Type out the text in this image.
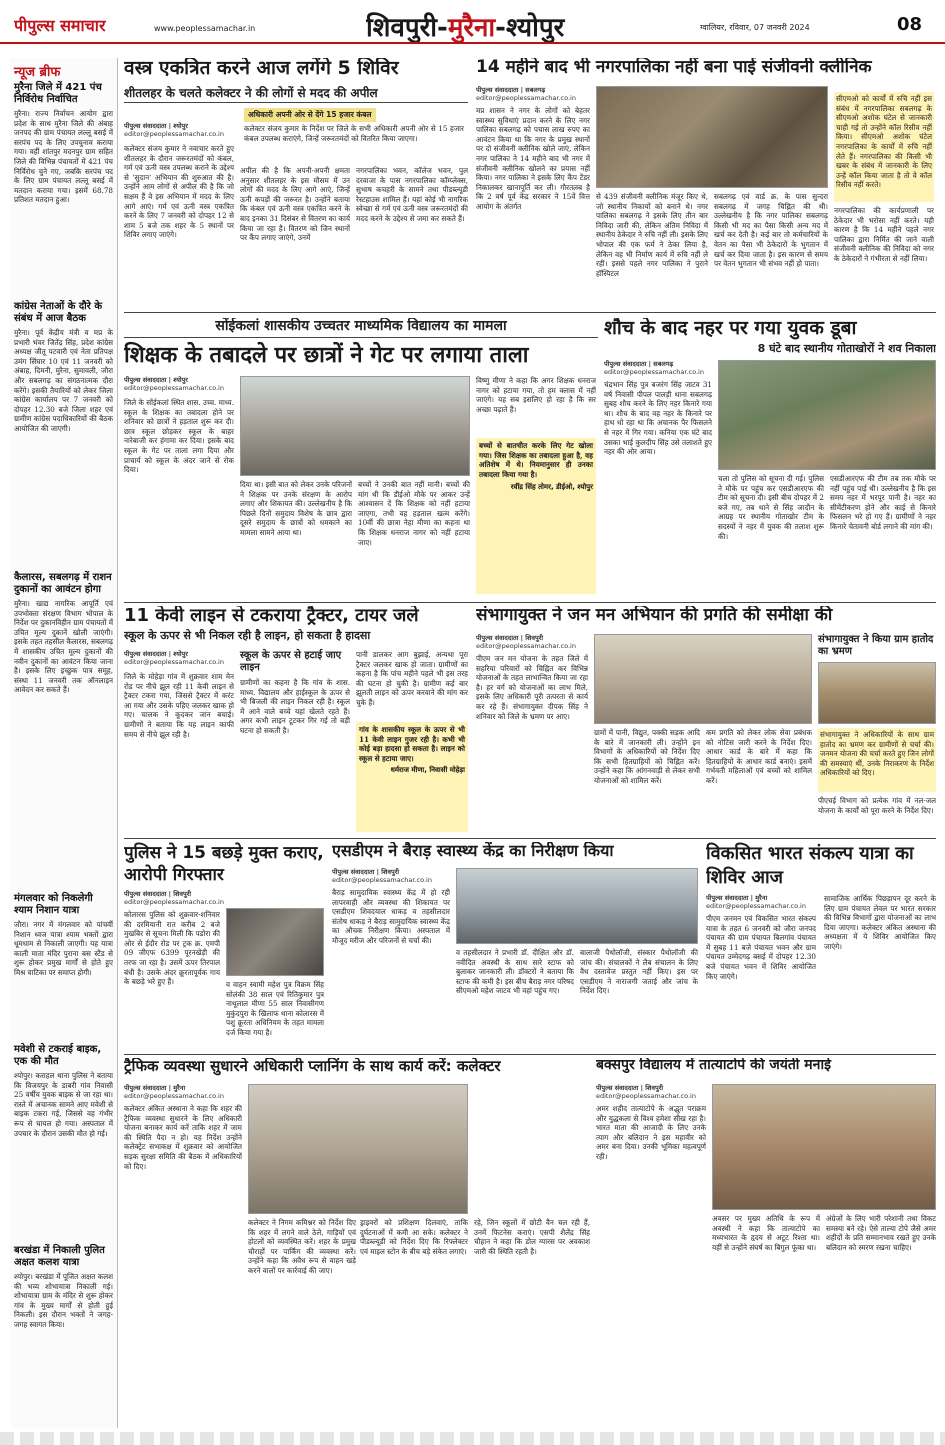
पीपुल्स समाचार	www.peoplessamachar.in	शिवपुरी-मुरैना-श्योपुर	ग्वालियर, रविवार, 07 जनवरी 2024	08
न्यूज ब्रीफ
मुरैना जिले में 421 पंच निर्विरोध निर्वाचित
मुरैना। राज्य निर्वाचन आयोग द्वारा प्रदेश के साथ मुरैना जिले की अंबाह जनपद की ग्राम पंचायत लल्लू बसई में सरपंच पद के लिए उपचुनाव कराया गया। वहीं शांतपुर मदनपुर ग्राम सहित जिले की विभिन्न पंचायतों में 421 पंच निर्विरोध चुने गए, जबकि सरपंच पद के लिए ग्राम पंचायत लल्लू बसई में मतदान कराया गया। इसमें 68.78 प्रतिशत मतदान हुआ।
कांग्रेस नेताओं के दौरे के संबंध में आज बैठक
मुरैना। पूर्व केंद्रीय मंत्री व मप्र के प्रभारी भंवर जितेंद्र सिंह, प्रदेश कांग्रेस अध्यक्ष जीतू पटवारी एवं नेता प्रतिपक्ष उमंग सिंघार 10 एवं 11 जनवरी को अंबाह, दिमनी, मुरैना, सुमावली, जौरा और सबलगढ़ का संगठनात्मक दौरा करेंगे। इसकी तैयारियों को लेकर जिला कांग्रेस कार्यालय पर 7 जनवरी को दोपहर 12.30 बजे जिला शहर एवं ग्रामीण कांग्रेस पदाधिकारियों की बैठक आयोजित की जाएगी।
कैलारस, सबलगढ़ में राशन दुकानों का आवंटन होगा
मुरैना। खाद्य नागरिक आपूर्ति एवं उपभोक्ता संरक्षण विभाग भोपाल के निर्देश पर दुकानविहीन ग्राम पंचायतों में उचित मूल्य दुकानें खोली जाएंगी। इसके तहत तहसील कैलारस, सबलगढ़ में शासकीय उचित मूल्य दुकानों की नवीन दुकानों का आवंटन किया जाना है। इसके लिए इच्छुक पात्र समूह, संस्था 11 जनवरी तक ऑनलाइन आवेदन कर सकते हैं।
मंगलवार को निकलेगी श्याम निशान यात्रा
जौरा। नगर में मंगलवार को पांचवीं निशान ध्वज यात्रा श्याम भक्तों द्वारा धूमधाम से निकाली जाएगी। यह यात्रा काली माता मंदिर पुराना बस स्टैंड से शुरू होकर प्रमुख मार्गों से होते हुए मिश्र वाटिका पर समाप्त होगी।
मवेशी से टकराई बाइक, एक की मौत
श्योपुर। कराहल थाना पुलिस ने बताया कि विजयपुर के डाबरी गांव निवासी 25 वर्षीय युवक बाइक से जा रहा था। रास्ते में अचानक सामने आए मवेशी से बाइक टकरा गई, जिससे वह गंभीर रूप से घायल हो गया। अस्पताल में उपचार के दौरान उसकी मौत हो गई।
बरखंडा में निकाली पुलित अक्षत कलश यात्रा
श्योपुर। बरखंडा में पूजित अक्षत कलश की भव्य शोभायात्रा निकाली गई। शोभायात्रा ग्राम के मंदिर से शुरू होकर गांव के मुख्य मार्गों से होती हुई निकली। इस दौरान भक्तों ने जगह-जगह स्वागत किया।
वस्त्र एकत्रित करने आज लगेंगे 5 शिविर
शीतलहर के चलते कलेक्टर ने की लोगों से मदद की अपील
अधिकारी अपनी ओर से देंगे 15 हजार कंबल
पीपुल्स संवाददाता | श्योपुर
editor@peoplessamachar.co.in
कलेक्टर संजय कुमार के निर्देश पर जिले के सभी अधिकारी अपनी ओर से 15 हजार कंबल उपलब्ध कराएंगे, जिन्हें जरूरतमंदों को वितरित किया जाएगा।
कलेक्टर संजय कुमार ने नवाचार करते हुए शीतलहर के दौरान जरूरतमंदों को कंबल, गर्म एवं ऊनी वस्त्र उपलब्ध कराने के उद्देश्य से 'सुदान' अभियान की शुरुआत की है। उन्होंने आम लोगों से अपील की है कि जो सक्षम हैं वे इस अभियान में मदद के लिए आगे आएं। गर्म एवं ऊनी वस्त्र एकत्रित करने के लिए 7 जनवरी को दोपहर 12 से शाम 5 बजे तक शहर के 5 स्थानों पर शिविर लगाए जाएंगे।
अपील की है कि अपनी-अपनी क्षमता अनुसार शीतलहर के इस मौसम में उन लोगों की मदद के लिए आगे आएं, जिन्हें ऊनी कपड़ों की जरूरत है। उन्होंने बताया कि कंबल एवं ऊनी वस्त्र एकत्रित करने के बाद इनका 31 दिसंबर से वितरण का कार्य किया जा रहा है। वितरण को जिन स्थानों पर कैंप लगाए जाएंगे, उनमें
नगरपालिका भवन, कॉलेज भवन, पुल दरवाजा के पास नगरपालिका कॉम्प्लेक्स, सुभाष कचहरी के सामने तथा पीडब्ल्यूडी रेस्टहाउस शामिल हैं। यहां कोई भी नागरिक स्वेच्छा से गर्म एवं ऊनी वस्त्र जरूरतमंदों की मदद करने के उद्देश्य से जमा कर सकते हैं।
14 महीने बाद भी नगरपालिका नहीं बना पाई संजीवनी क्लीनिक
पीपुल्स संवाददाता | सबलगढ़
editor@peoplessamachar.co.in
मप्र शासन ने नगर के लोगों को बेहतर स्वास्थ्य सुविधाएं प्रदान करने के लिए नगर पालिका सबलगढ़ को पचास लाख रुपए का आवंटन किया था कि नगर के प्रमुख स्थानों पर दो संजीवनी क्लीनिक खोले जाएं, लेकिन नगर पालिका ने 14 महीने बाद भी नगर में संजीवनी क्लीनिक खोलने का प्रयास नहीं किया। नगर पालिका ने इसके लिए कैंप टेंडर निकालकर खानापूर्ति कर ली। गौरतलब है कि 2 वर्ष पूर्व केंद्र सरकार ने 15वें वित्त आयोग के अंतर्गत
से 439 संजीवनी क्लीनिक मंजूर किए थे, जो स्थानीय निकायों को बनाने थे। नगर पालिका सबलगढ़ ने इसके लिए तीन बार निविदा जारी की, लेकिन अंतिम निविदा में स्थानीय ठेकेदार ने रुचि नहीं ली। इसके लिए भोपाल की एक फर्म ने ठेका लिया है, लेकिन वह भी निर्माण कार्य में रुचि नहीं ले रही। इससे पहले नगर पालिका ने पुराने हॉस्पिटल
सबलगढ़ एवं वार्ड क्र. के पास सुन्दरा सबलगढ़ में जगह चिह्नित की थी। उल्लेखनीय है कि नगर पालिका सबलगढ़ किसी भी मद का पैसा किसी अन्य मद में खर्च कर देती है। कई बार तो कर्मचारियों के वेतन का पैसा भी ठेकेदारों के भुगतान में खर्च कर दिया जाता है। इस कारण से समय पर वेतन भुगतान भी संभव नहीं हो पाता।
सीएमओ को कार्यों में रुचि नहीं इस संबंध में नगरपालिका सबलगढ़ के सीएमओ अशोक घंटेल से जानकारी चाही गई तो उन्होंने कॉल रिसीव नहीं किया। सीएमओ अशोक घंटेल नगरपालिका के कार्यों में रुचि नहीं लेते हैं। नगरपालिका की किसी भी खबर के संबंध में जानकारी के लिए उन्हें कॉल किया जाता है तो वे कॉल रिसीव नहीं करते।
नगरपालिका की कार्यप्रणाली पर ठेकेदार भी भरोसा नहीं करते। यही कारण है कि 14 महीने पहले नगर पालिका द्वारा निर्मित की जाने वाली संजीवनी क्लीनिक की निविदा को नगर के ठेकेदारों ने गंभीरता से नहीं लिया।
सोंईकलां शासकीय उच्चतर माध्यमिक विद्यालय का मामला
शिक्षक के तबादले पर छात्रों ने गेट पर लगाया ताला
पीपुल्स संवाददाता | श्योपुर
editor@peoplessamachar.co.in
जिले के सोंईकलां स्थित शास. उच्च. माध्य. स्कूल के शिक्षक का तबादला होने पर शनिवार को छात्रों ने हड़ताल शुरू कर दी। छात्र स्कूल छोड़कर स्कूल के बाहर नारेबाजी कर हंगामा कर दिया। इसके बाद स्कूल के गेट पर ताला लगा दिया और प्राचार्य को स्कूल के अंदर जाने से रोक दिया।
दिया था। इसी बात को लेकर उनके परिजनों ने शिक्षक पर उनके संरक्षण के आरोप लगाए और शिकायत की। उल्लेखनीय है कि पिछले दिनों समुदाय विशेष के छात्र द्वारा दूसरे समुदाय के छात्रों को धमकाने का मामला सामने आया था।
बच्चों ने उनकी बात नहीं मानी। बच्चों की मांग थी कि डीईओ मौके पर आकर उन्हें आश्वासन दें कि शिक्षक को नहीं हटाया जाएगा, तभी वह हड़ताल खत्म करेंगे। 10वीं की छात्रा नेहा मीणा का कहना था कि शिक्षक धनराज नागर को नहीं हटाया जाए।
विष्णु मीणा ने कहा कि अगर शिक्षक धनराज नागर को हटाया गया, तो हम क्लास में नहीं जाएंगे। यह सब इसलिए हो रहा है कि सर अच्छा पढ़ाते हैं।
बच्चों से बातचीत करके लिए गेट खोला गया। जिस शिक्षक का तबादला हुआ है, वह अतिशेष में थे। नियमानुसार ही उनका तबादला किया गया है।
रवींद्र सिंह तोमर, डीईओ, श्योपुर
शौच के बाद नहर पर गया युवक डूबा
8 घंटे बाद स्थानीय गोताखोरों ने शव निकाला
पीपुल्स संवाददाता | सबलगढ़
editor@peoplessamachar.co.in
चंद्रभान सिंह पुत्र बजरंग सिंह जाटव 31 वर्ष निवासी पीपल पालड़ी थाना सबलगढ़ सुबह शौच करने के लिए नहर किनारे गया था। शौच के बाद वह नहर के किनारे पर हाथ धो रहा था कि अचानक पैर फिसलने से नहर में गिर गया। कनिया एक घंटे बाद उसका भाई कुलदीप सिंह उसे तलाशते हुए नहर की ओर आया।
चला तो पुलिस को सूचना दी गई। पुलिस ने मौके पर पहुंच कर एसडीआरएफ की टीम को सूचना दी। इसी बीच दोपहर में 2 बजे गए, तब थाने से सिंह जादौन के आग्रह पर स्थानीय गोताखोर टीम के सदस्यों ने नहर में युवक की तलाश शुरू की।
एसडीआरएफ की टीम तब तक मौके पर नहीं पहुंच पाई थी। उल्लेखनीय है कि इस समय नहर में भरपूर पानी है। नहर का सीमेंटीकरण होने और काई से किनारे फिसलन भरे हो गए हैं। ग्रामीणों ने नहर किनारे चेतावनी बोर्ड लगाने की मांग की।
11 केवी लाइन से टकराया ट्रैक्टर, टायर जले
स्कूल के ऊपर से भी निकल रही है लाइन, हो सकता है हादसा
पीपुल्स संवाददाता | श्योपुर
editor@peoplessamachar.co.in
स्कूल के ऊपर से हटाई जाए लाइन
जिले के मोहेड़ा गांव में शुक्रवार शाम मेन रोड पर नीचे झूल रही 11 केवी लाइन से ट्रैक्टर टकरा गया, जिससे ट्रैक्टर में करंट आ गया और उसके पहिए जलकर खाक हो गए। चालक ने कूदकर जान बचाई। ग्रामीणों ने बताया कि यह लाइन काफी समय से नीचे झूल रही है।
ग्रामीणों का कहना है कि गांव के शास. माध्य. विद्यालय और हाईस्कूल के ऊपर से भी बिजली की लाइन निकल रही है। स्कूल में आने वाले बच्चे यहां खेलते रहते हैं। अगर कभी लाइन टूटकर गिर गई तो बड़ी घटना हो सकती है।
पानी डालकर आग बुझाई, अन्यथा पूरा ट्रैक्टर जलकर खाक हो जाता। ग्रामीणों का कहना है कि पांच महीने पहले भी इस तरह की घटना हो चुकी है। ग्रामीण कई बार झूलती लाइन को ऊपर करवाने की मांग कर चुके हैं।
गांव के शासकीय स्कूल के ऊपर से भी 11 केवी लाइन गुजर रही है। कभी भी कोई बड़ा हादसा हो सकता है। लाइन को स्कूल से हटाया जाए।
धर्मराज मीणा, निवासी मोहेड़ा
संभागायुक्त ने जन मन अभियान की प्रगति की समीक्षा की
पीपुल्स संवाददाता | शिवपुरी
editor@peoplessamachar.co.in
पीएम जन मन योजना के तहत जिले में सहरिया परिवारों को चिह्नित कर विभिन्न योजनाओं के तहत लाभान्वित किया जा रहा है। हर वर्ग को योजनाओं का लाभ मिले, इसके लिए अधिकारी पूरी तत्परता से कार्य कर रहे हैं। संभागायुक्त दीपक सिंह ने शनिवार को जिले के भ्रमण पर आए।
ग्रामों में पानी, विद्युत, पक्की सड़क आदि के बारे में जानकारी ली। उन्होंने इन विभागों के अधिकारियों को निर्देश दिए कि सभी हितग्राहियों को चिह्नित करें। उन्होंने कहा कि आंगनवाड़ी से लेकर सभी योजनाओं को शामिल करें।
कम प्रगति को लेकर लोक सेवा प्रबंधक को नोटिस जारी करने के निर्देश दिए। आधार कार्ड के बारे में कहा कि हितग्राहियों के आधार कार्ड बनाएं। इसमें गर्भवती महिलाओं एवं बच्चों को शामिल करें।
संभागायुक्त ने किया ग्राम हातोद का भ्रमण
संभागायुक्त ने अधिकारियों के साथ ग्राम हातोद का भ्रमण कर ग्रामीणों से चर्चा की। जनमन योजना की चर्चा करते हुए जिन लोगों की समस्याएं थीं, उनके निराकरण के निर्देश अधिकारियों को दिए।
पीएचई विभाग को प्रत्येक गांव में नल-जल योजना के कार्यों को पूरा करने के निर्देश दिए।
पुलिस ने 15 बछड़े मुक्त कराए, आरोपी गिरफ्तार
पीपुल्स संवाददाता | शिवपुरी
editor@peoplessamachar.co.in
कोलारस पुलिस को शुक्रवार-शनिवार की दरमियानी रात करीब 2 बजे मुखबिर से सूचना मिली कि पडोरा की ओर से ईदौर रोड पर ट्रक क्र. एमपी 09 जीएफ 6399 पूरनखेड़ी की तरफ जा रहा है। उसमें ऊपर तिरपाल बंधी है। उसके अंदर क्रूरतापूर्वक गाय के बछड़े भरे हुए हैं।	व वाहन स्वामी महेश पुत्र विक्रम सिंह सोलंकी 38 साल एवं रितिकुमार पुत्र नाथूलाल मीणा 55 साल निवासीगण मुकुंदपुरा के खिलाफ थाना कोलारस में पशु क्रूरता अधिनियम के तहत मामला दर्ज किया गया है।
एसडीएम ने बैराड़ स्वास्थ्य केंद्र का निरीक्षण किया
पीपुल्स संवाददाता | शिवपुरी
editor@peoplessamachar.co.in
बैराड़ सामुदायिक स्वास्थ्य केंद्र में हो रही लापरवाही और व्यवस्था की शिकायत पर एसडीएम शिवदयाल धाकड़ व तहसीलदार संतोष धाकड़ ने बैराड़ सामुदायिक स्वास्थ्य केंद्र का औचक निरीक्षण किया। अस्पताल में मौजूद मरीज और परिजनों से चर्चा की।
व तहसीलदार ने प्रभारी डॉ. दीक्षित और डॉ. नवीदित अवस्थी के साथ सारे स्टाफ को बुलाकर जानकारी ली। डॉक्टरों ने बताया कि स्टाफ की कमी है। इस बीच बैराड़ नगर परिषद सीएमओ महेश जाटव भी वहां पहुंच गए।
बालाजी पैथोलॉजी, संस्कार पैथोलॉजी की जांच की। संचालकों ने लैब संचालन के लिए वैध दस्तावेज प्रस्तुत नहीं किए। इस पर एसडीएम ने नाराजगी जताई और जांच के निर्देश दिए।
विकसित भारत संकल्प यात्रा का शिविर आज
पीपुल्स संवाददाता | मुरैना
editor@peoplessamachar.co.in
पीएम जनमन एवं विकसित भारत संकल्प यात्रा के तहत 6 जनवरी को जौरा जनपद पंचायत की ग्राम पंचायत बिलगांव पंचायत में सुबह 11 बजे पंचायत भवन और ग्राम पंचायत उम्मेदगढ़ बसई में दोपहर 12.30 बजे पंचायत भवन में शिविर आयोजित किए जाएंगे।
सामाजिक आर्थिक पिछड़ापन दूर करने के लिए ग्राम पंचायत लेवल पर भारत सरकार की विभिन्न विभागों द्वारा योजनाओं का लाभ दिया जाएगा। कलेक्टर अंकित अस्थाना की अध्यक्षता में ये शिविर आयोजित किए जाएंगे।
ट्रैफिक व्यवस्था सुधारने अधिकारी प्लानिंग के साथ कार्य करें: कलेक्टर
पीपुल्स संवाददाता | मुरैना
editor@peoplessamachar.co.in
कलेक्टर अंकित अस्थाना ने कहा कि शहर की ट्रैफिक व्यवस्था सुधारने के लिए अधिकारी योजना बनाकर कार्य करें ताकि शहर में जाम की स्थिति पैदा न हो। यह निर्देश उन्होंने कलेक्ट्रेट सभाकक्ष में शुक्रवार को आयोजित सड़क सुरक्षा समिति की बैठक में अधिकारियों को दिए।
कलेक्टर ने निगम कमिश्नर को निर्देश दिए कि शहर में लगने वाले ठेले, गाड़ियों एवं होटलों को व्यवस्थित करें। शहर के प्रमुख चौराहों पर पार्किंग की व्यवस्था करें। उन्होंने कहा कि अवैध रूप से वाहन खड़े करने वालों पर कार्रवाई की जाए।
ड्राइवरों को प्रशिक्षण दिलवाएं, ताकि दुर्घटनाओं में कमी आ सके। कलेक्टर ने पीडब्ल्यूडी को निर्देश दिए कि रिफ्लेक्टर एवं माइल स्टोन के बीच बड़े संकेत लगाएं।
रहे, जिन स्कूलों में छोटी वैन चल रही हैं, उनमें फिटनेस कराएं। एसपी शैलेंद्र सिंह चौहान ने कहा कि डोल ग्यारस पर अवकाश जारी की स्थिति रहती है।
बक्सपुर विद्यालय में तात्याटोपे की जयंती मनाई
पीपुल्स संवाददाता | शिवपुरी
editor@peoplessamachar.co.in
अमर शहीद तात्याटोपे के अद्भुत पराक्रम और युद्धकला से विश्व हमेशा सीख रहा है। भारत माता की आजादी के लिए उनके त्याग और बलिदान ने इस महावीर को अमर बना दिया। उनकी भूमिका महत्वपूर्ण रही।
अवसर पर मुख्य अतिथि के रूप में अवस्थी ने कहा कि तात्याटोपे का मध्यभारत के हृदय से अटूट रिश्ता था। यहीं से उन्होंने संघर्ष का बिगुल फूंका था।
अंग्रेजों के लिए भारी परेशानी तथा विकट समस्या बने रहे। ऐसे ताल्या टोपे जैसे अमर शहीदों के प्रति सम्मानभाव रखते हुए उनके बलिदान को स्मरण रखना चाहिए।
